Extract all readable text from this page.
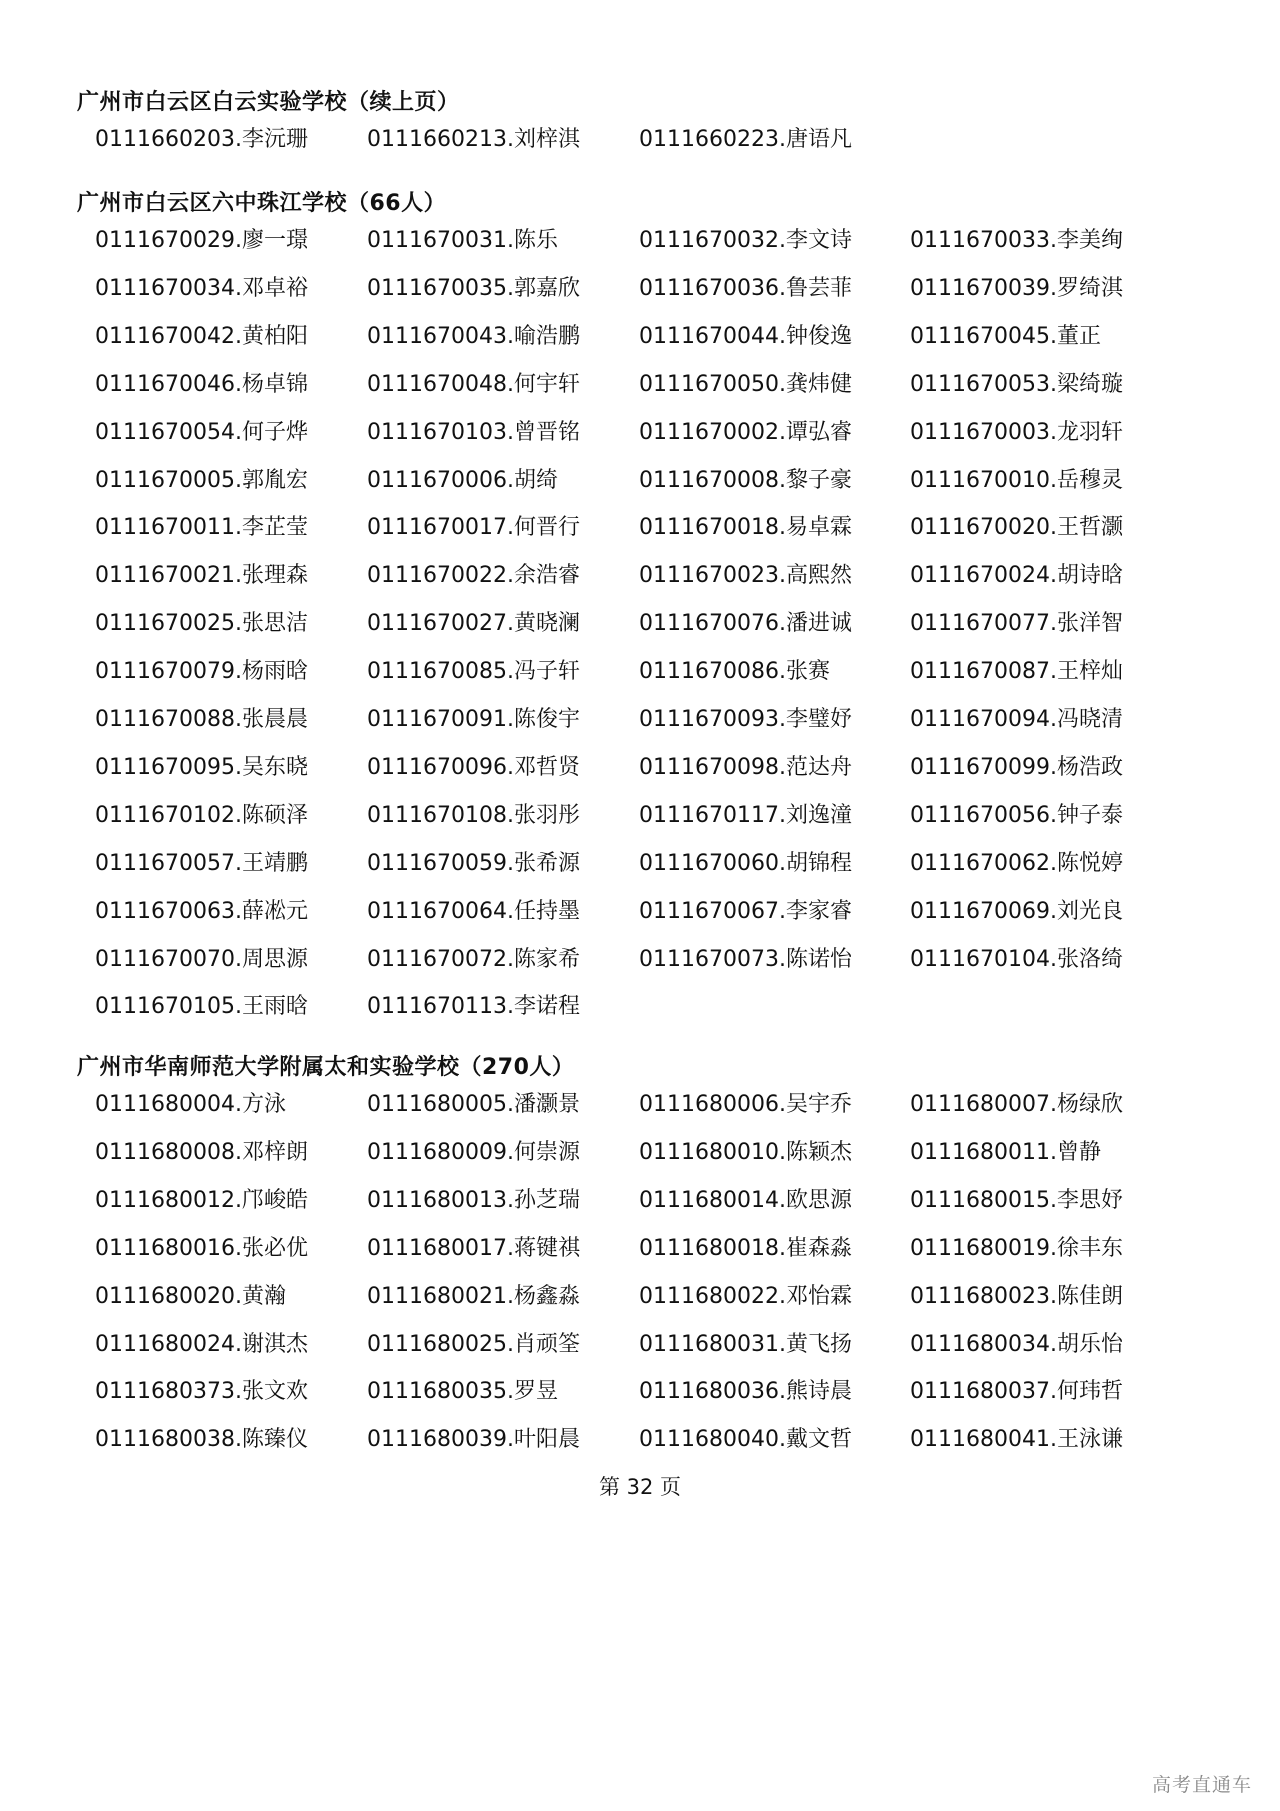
广州市白云区白云实验学校（续上页）
0111660203.李沅珊	0111660213.刘梓淇	0111660223.唐语凡
广州市白云区六中珠江学校（66人）
0111670029.廖一璟	0111670031.陈乐	0111670032.李文诗	0111670033.李美绚
0111670034.邓卓裕	0111670035.郭嘉欣	0111670036.鲁芸菲	0111670039.罗绮淇
0111670042.黄柏阳	0111670043.喻浩鹏	0111670044.钟俊逸	0111670045.董正
0111670046.杨卓锦	0111670048.何宇轩	0111670050.龚炜健	0111670053.梁绮璇
0111670054.何子烨	0111670103.曾晋铭	0111670002.谭弘睿	0111670003.龙羽轩
0111670005.郭胤宏	0111670006.胡绮	0111670008.黎子豪	0111670010.岳穆灵
0111670011.李芷莹	0111670017.何晋行	0111670018.易卓霖	0111670020.王哲灏
0111670021.张理森	0111670022.余浩睿	0111670023.高熙然	0111670024.胡诗晗
0111670025.张思洁	0111670027.黄晓澜	0111670076.潘进诚	0111670077.张洋智
0111670079.杨雨晗	0111670085.冯子轩	0111670086.张赛	0111670087.王梓灿
0111670088.张晨晨	0111670091.陈俊宇	0111670093.李璧妤	0111670094.冯晓清
0111670095.吴东晓	0111670096.邓哲贤	0111670098.范达舟	0111670099.杨浩政
0111670102.陈硕泽	0111670108.张羽彤	0111670117.刘逸潼	0111670056.钟子泰
0111670057.王靖鹏	0111670059.张希源	0111670060.胡锦程	0111670062.陈悦婷
0111670063.薛凇元	0111670064.任持墨	0111670067.李家睿	0111670069.刘光良
0111670070.周思源	0111670072.陈家希	0111670073.陈诺怡	0111670104.张洛绮
0111670105.王雨晗	0111670113.李诺程
广州市华南师范大学附属太和实验学校（270人）
0111680004.方泳	0111680005.潘灏景	0111680006.吴宇乔	0111680007.杨绿欣
0111680008.邓梓朗	0111680009.何崇源	0111680010.陈颖杰	0111680011.曾静
0111680012.邝峻皓	0111680013.孙芝瑞	0111680014.欧思源	0111680015.李思妤
0111680016.张必优	0111680017.蒋键祺	0111680018.崔森淼	0111680019.徐丰东
0111680020.黄瀚	0111680021.杨鑫淼	0111680022.邓怡霖	0111680023.陈佳朗
0111680024.谢淇杰	0111680025.肖顽筌	0111680031.黄飞扬	0111680034.胡乐怡
0111680373.张文欢	0111680035.罗昱	0111680036.熊诗晨	0111680037.何玮哲
0111680038.陈臻仪	0111680039.叶阳晨	0111680040.戴文哲	0111680041.王泳谦
第 32 页
高考直通车
